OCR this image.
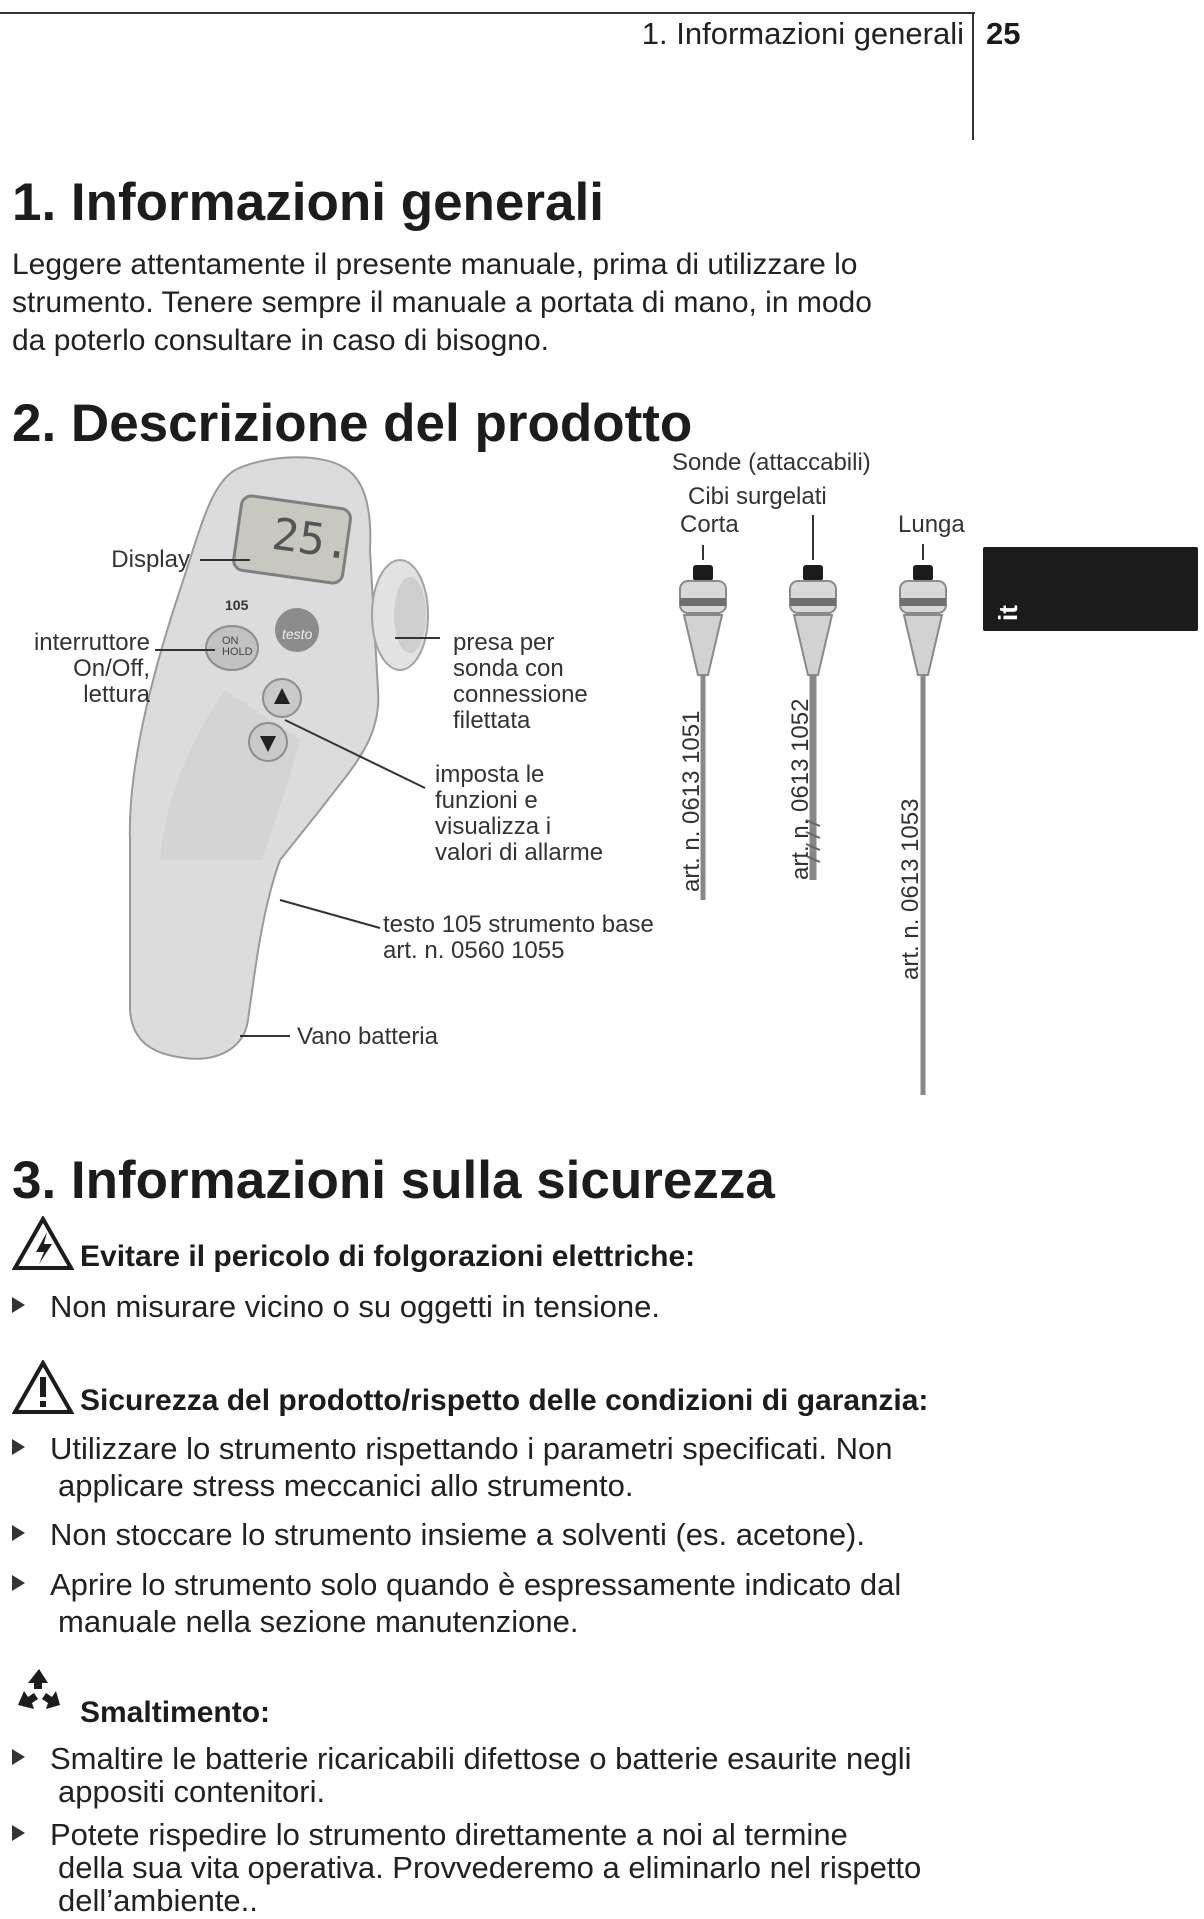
1. Informazioni generali 25
1. Informazioni generali
Leggere attentamente il presente manuale, prima di utilizzare lo
strumento. Tenere sempre il manuale a portata di mano, in modo
da poterlo consultare in caso di bisogno.
2. Descrizione del prodotto
25.
105
testo
ON
HOLD
Display
interruttore
On/Off,
lettura
presa per
sonda con
connessione
filettata
imposta le
funzioni e
visualizza i
valori di allarme
testo 105 strumento base
art. n. 0560 1055
Vano batteria
Sonde (attaccabili)
Cibi surgelati
Corta	Lunga
art. n. 0613 1051	art. n. 0613 1052
art. n. 0613 1053
it
3. Informazioni sulla sicurezza
Evitare il pericolo di folgorazioni elettriche:
Non misurare vicino o su oggetti in tensione.
Sicurezza del prodotto/rispetto delle condizioni di garanzia:
Utilizzare lo strumento rispettando i parametri specificati. Non
applicare stress meccanici allo strumento.
Non stoccare lo strumento insieme a solventi (es. acetone).
Aprire lo strumento solo quando è espressamente indicato dal
manuale nella sezione manutenzione.
Smaltimento:
Smaltire le batterie ricaricabili difettose o batterie esaurite negli
appositi contenitori.
Potete rispedire lo strumento direttamente a noi al termine
della sua vita operativa. Provvederemo a eliminarlo nel rispetto
dell’ambiente..
